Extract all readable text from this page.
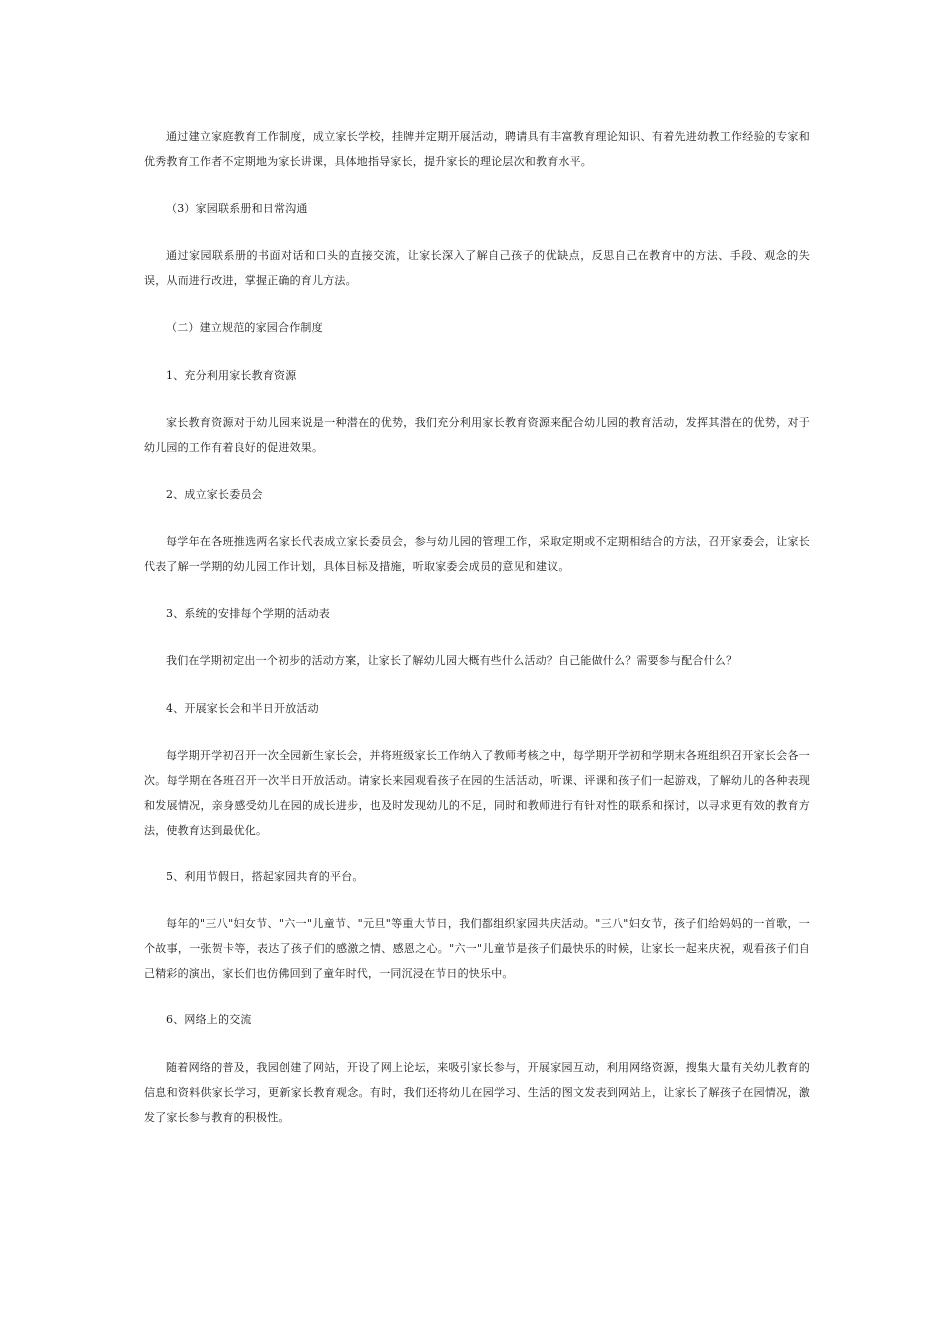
通过建立家庭教育工作制度，成立家长学校，挂牌并定期开展活动，聘请具有丰富教育理论知识、有着先进幼教工作经验的专家和优秀教育工作者不定期地为家长讲课，具体地指导家长，提升家长的理论层次和教育水平。

（3）家园联系册和日常沟通

通过家园联系册的书面对话和口头的直接交流，让家长深入了解自己孩子的优缺点，反思自己在教育中的方法、手段、观念的失误，从而进行改进，掌握正确的育儿方法。

（二）建立规范的家园合作制度

1、充分利用家长教育资源

家长教育资源对于幼儿园来说是一种潜在的优势，我们充分利用家长教育资源来配合幼儿园的教育活动，发挥其潜在的优势，对于幼儿园的工作有着良好的促进效果。

2、成立家长委员会

每学年在各班推选两名家长代表成立家长委员会，参与幼儿园的管理工作，采取定期或不定期相结合的方法，召开家委会，让家长代表了解一学期的幼儿园工作计划，具体目标及措施，听取家委会成员的意见和建议。

3、系统的安排每个学期的活动表

我们在学期初定出一个初步的活动方案，让家长了解幼儿园大概有些什么活动？自己能做什么？需要参与配合什么？

4、开展家长会和半日开放活动

每学期开学初召开一次全园新生家长会，并将班级家长工作纳入了教师考核之中，每学期开学初和学期末各班组织召开家长会各一次。每学期在各班召开一次半日开放活动。请家长来园观看孩子在园的生活活动，听课、评课和孩子们一起游戏，了解幼儿的各种表现和发展情况，亲身感受幼儿在园的成长进步，也及时发现幼儿的不足，同时和教师进行有针对性的联系和探讨，以寻求更有效的教育方法，使教育达到最优化。

5、利用节假日，搭起家园共育的平台。

每年的"三八"妇女节、"六一"儿童节、"元旦"等重大节日，我们都组织家园共庆活动。"三八"妇女节，孩子们给妈妈的一首歌，一个故事，一张贺卡等，表达了孩子们的感激之情、感恩之心。"六一"儿童节是孩子们最快乐的时候，让家长一起来庆祝，观看孩子们自己精彩的演出，家长们也仿佛回到了童年时代，一同沉浸在节日的快乐中。

6、网络上的交流

随着网络的普及，我园创建了网站，开设了网上论坛，来吸引家长参与，开展家园互动，利用网络资源，搜集大量有关幼儿教育的信息和资料供家长学习，更新家长教育观念。有时，我们还将幼儿在园学习、生活的图文发表到网站上，让家长了解孩子在园情况，激发了家长参与教育的积极性。
